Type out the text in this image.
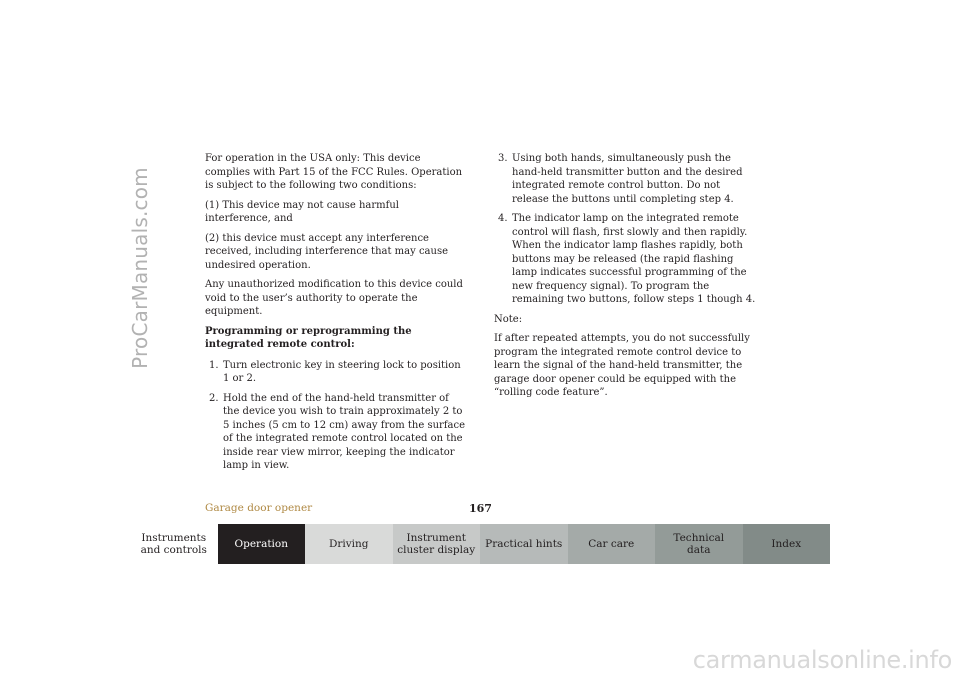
ProCarManuals.com

For operation in the USA only: This device complies with Part 15 of the FCC Rules. Operation is subject to the following two conditions:

(1) This device may not cause harmful interference, and

(2) this device must accept any interference received, including interference that may cause undesired operation.

Any unauthorized modification to this device could void to the user’s authority to operate the equipment.

Programming or reprogramming the integrated remote control:
1. Turn electronic key in steering lock to position 1 or 2.
2. Hold the end of the hand-held transmitter of the device you wish to train approximately 2 to 5 inches (5 cm to 12 cm) away from the surface of the integrated remote control located on the inside rear view mirror, keeping the indicator lamp in view.
3. Using both hands, simultaneously push the hand-held transmitter button and the desired integrated remote control button. Do not release the buttons until completing step 4.
4. The indicator lamp on the integrated remote control will flash, first slowly and then rapidly. When the indicator lamp flashes rapidly, both buttons may be released (the rapid flashing lamp indicates successful programming of the new frequency signal). To program the remaining two buttons, follow steps 1 though 4.

Note:

If after repeated attempts, you do not successfully program the integrated remote control device to learn the signal of the hand-held transmitter, the garage door opener could be equipped with the “rolling code feature”.

Garage door opener	167
Instruments
and controls	Operation	Driving	Instrument
cluster display Practical hints Car care	Technical
data	Index
carmanualsonline.info
